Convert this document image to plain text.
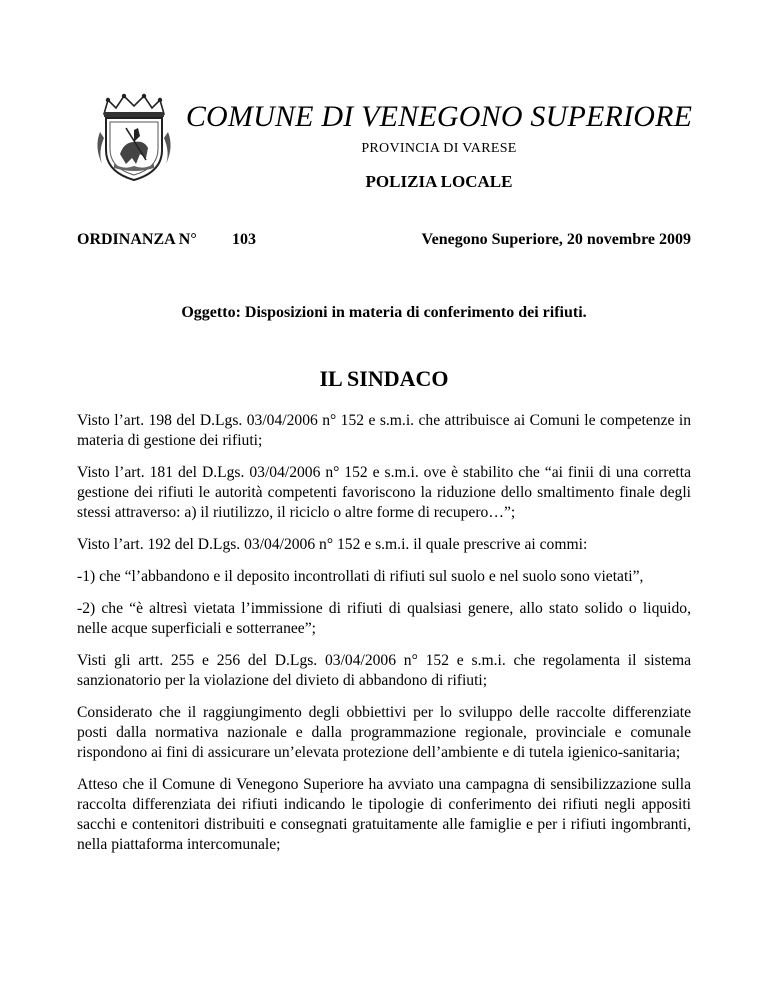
COMUNE DI VENEGONO SUPERIORE
PROVINCIA DI VARESE
POLIZIA LOCALE
ORDINANZA N° 103	Venegono Superiore, 20 novembre 2009
Oggetto: Disposizioni in materia di conferimento dei rifiuti.
IL SINDACO

Visto l’art. 198 del D.Lgs. 03/04/2006 n° 152 e s.m.i. che attribuisce ai Comuni le competenze in materia di gestione dei rifiuti;

Visto l’art. 181 del D.Lgs. 03/04/2006 n° 152 e s.m.i. ove è stabilito che “ai finii di una corretta gestione dei rifiuti le autorità competenti favoriscono la riduzione dello smaltimento finale degli stessi attraverso: a) il riutilizzo, il riciclo o altre forme di recupero…”;

Visto l’art. 192 del D.Lgs. 03/04/2006 n° 152 e s.m.i. il quale prescrive ai commi:

-1) che “l’abbandono e il deposito incontrollati di rifiuti sul suolo e nel suolo sono vietati”,

-2) che “è altresì vietata l’immissione di rifiuti di qualsiasi genere, allo stato solido o liquido, nelle acque superficiali e sotterranee”;

Visti gli artt. 255 e 256 del D.Lgs. 03/04/2006 n° 152 e s.m.i. che regolamenta il sistema sanzionatorio per la violazione del divieto di abbandono di rifiuti;

Considerato che il raggiungimento degli obbiettivi per lo sviluppo delle raccolte differenziate posti dalla normativa nazionale e dalla programmazione regionale, provinciale e comunale rispondono ai fini di assicurare un’elevata protezione dell’ambiente e di tutela igienico-sanitaria;

Atteso che il Comune di Venegono Superiore ha avviato una campagna di sensibilizzazione sulla raccolta differenziata dei rifiuti indicando le tipologie di conferimento dei rifiuti negli appositi sacchi e contenitori distribuiti e consegnati gratuitamente alle famiglie e per i rifiuti ingombranti, nella piattaforma intercomunale;
